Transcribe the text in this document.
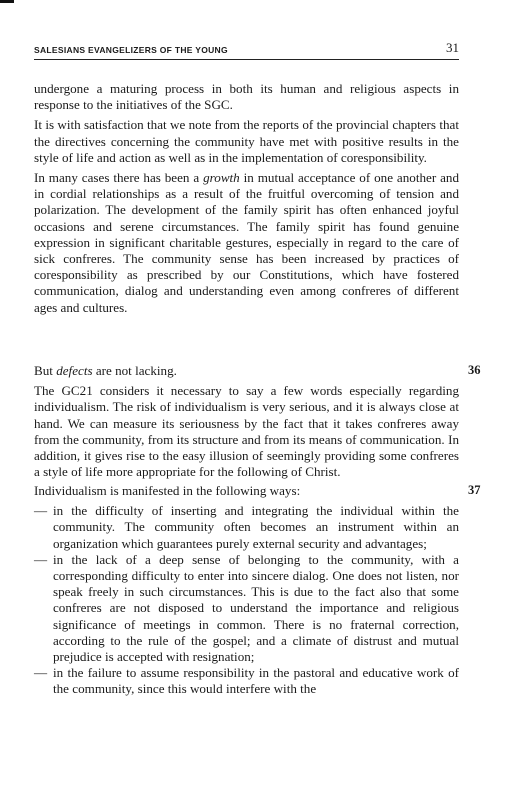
SALESIANS EVANGELIZERS OF THE YOUNG	31

undergone a maturing process in both its human and religious aspects in response to the initiatives of the SGC.

It is with satisfaction that we note from the reports of the provincial chapters that the directives concerning the community have met with positive results in the style of life and action as well as in the implementation of coresponsibility.

In many cases there has been a growth in mutual acceptance of one another and in cordial relationships as a result of the fruitful overcoming of tension and polarization. The development of the family spirit has often enhanced joyful occasions and serene circumstances. The family spirit has found genuine expression in significant charitable gestures, especially in regard to the care of sick confreres. The community sense has been increased by practices of coresponsibility as prescribed by our Constitutions, which have fostered communication, dialog and understanding even among confreres of different ages and cultures.

36

But defects are not lacking.

The GC21 considers it necessary to say a few words especially regarding individualism. The risk of individualism is very serious, and it is always close at hand. We can measure its seriousness by the fact that it takes confreres away from the community, from its structure and from its means of communication. In addition, it gives rise to the easy illusion of seemingly providing some confreres a style of life more appropriate for the following of Christ.

37

Individualism is manifested in the following ways:

— in the difficulty of inserting and integrating the individual within the community. The community often becomes an instrument within an organization which guarantees purely external security and advantages;
— in the lack of a deep sense of belonging to the community, with a corresponding difficulty to enter into sincere dialog. One does not listen, nor speak freely in such circumstances. This is due to the fact also that some confreres are not disposed to understand the importance and religious significance of meetings in common. There is no fraternal correction, according to the rule of the gospel; and a climate of distrust and mutual prejudice is accepted with resignation;
— in the failure to assume responsibility in the pastoral and educative work of the community, since this would interfere with the
